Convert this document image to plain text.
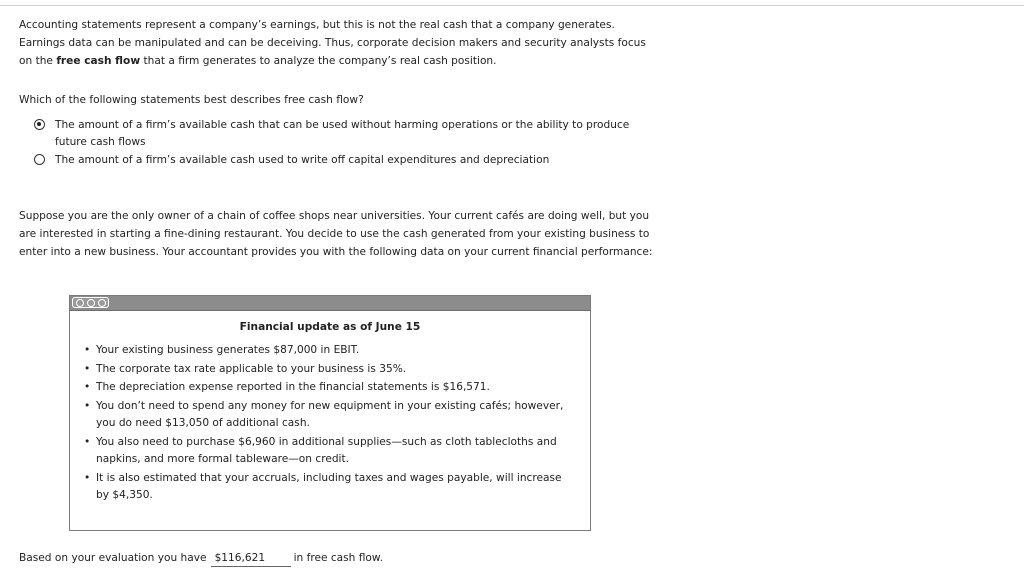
Accounting statements represent a company’s earnings, but this is not the real cash that a company generates. Earnings data can be manipulated and can be deceiving. Thus, corporate decision makers and security analysts focus on the free cash flow that a firm generates to analyze the company’s real cash position.

Which of the following statements best describes free cash flow?

The amount of a firm’s available cash that can be used without harming operations or the ability to produce future cash flows
The amount of a firm’s available cash used to write off capital expenditures and depreciation

Suppose you are the only owner of a chain of coffee shops near universities. Your current cafés are doing well, but you are interested in starting a fine-dining restaurant. You decide to use the cash generated from your existing business to enter into a new business. Your accountant provides you with the following data on your current financial performance:

Financial update as of June 15
• Your existing business generates $87,000 in EBIT.
• The corporate tax rate applicable to your business is 35%.
• The depreciation expense reported in the financial statements is $16,571.
• You don’t need to spend any money for new equipment in your existing cafés; however, you do need $13,050 of additional cash.
• You also need to purchase $6,960 in additional supplies—such as cloth tablecloths and napkins, and more formal tableware—on credit.
• It is also estimated that your accruals, including taxes and wages payable, will increase by $4,350.
Based on your evaluation you have $116,621	in free cash flow.
